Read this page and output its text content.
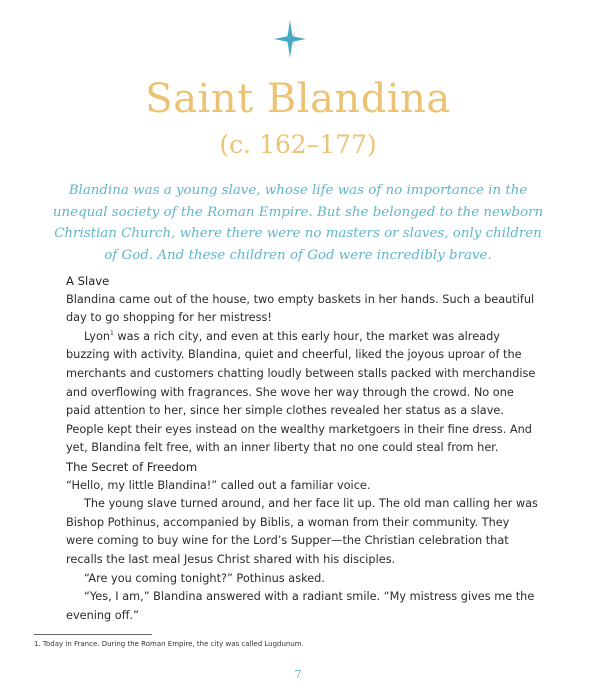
Saint Blandina
(c. 162–177)
Blandina was a young slave, whose life was of no importance in the unequal society of the Roman Empire. But she belonged to the newborn Christian Church, where there were no masters or slaves, only children of God. And these children of God were incredibly brave.
A Slave

Blandina came out of the house, two empty baskets in her hands. Such a beautiful day to go shopping for her mistress!

Lyon$^1$ was a rich city, and even at this early hour, the market was already buzzing with activity. Blandina, quiet and cheerful, liked the joyous uproar of the merchants and customers chatting loudly between stalls packed with merchandise and overflowing with fragrances. She wove her way through the crowd. No one paid attention to her, since her simple clothes revealed her status as a slave. People kept their eyes instead on the wealthy marketgoers in their fine dress. And yet, Blandina felt free, with an inner liberty that no one could steal from her.

The Secret of Freedom

“Hello, my little Blandina!” called out a familiar voice.

The young slave turned around, and her face lit up. The old man calling her was Bishop Pothinus, accompanied by Biblis, a woman from their community. They were coming to buy wine for the Lord’s Supper—the Christian celebration that recalls the last meal Jesus Christ shared with his disciples.

“Are you coming tonight?” Pothinus asked.

“Yes, I am,” Blandina answered with a radiant smile. “My mistress gives me the evening off.”

1. Today in France. During the Roman Empire, the city was called Lugdunum.
7
